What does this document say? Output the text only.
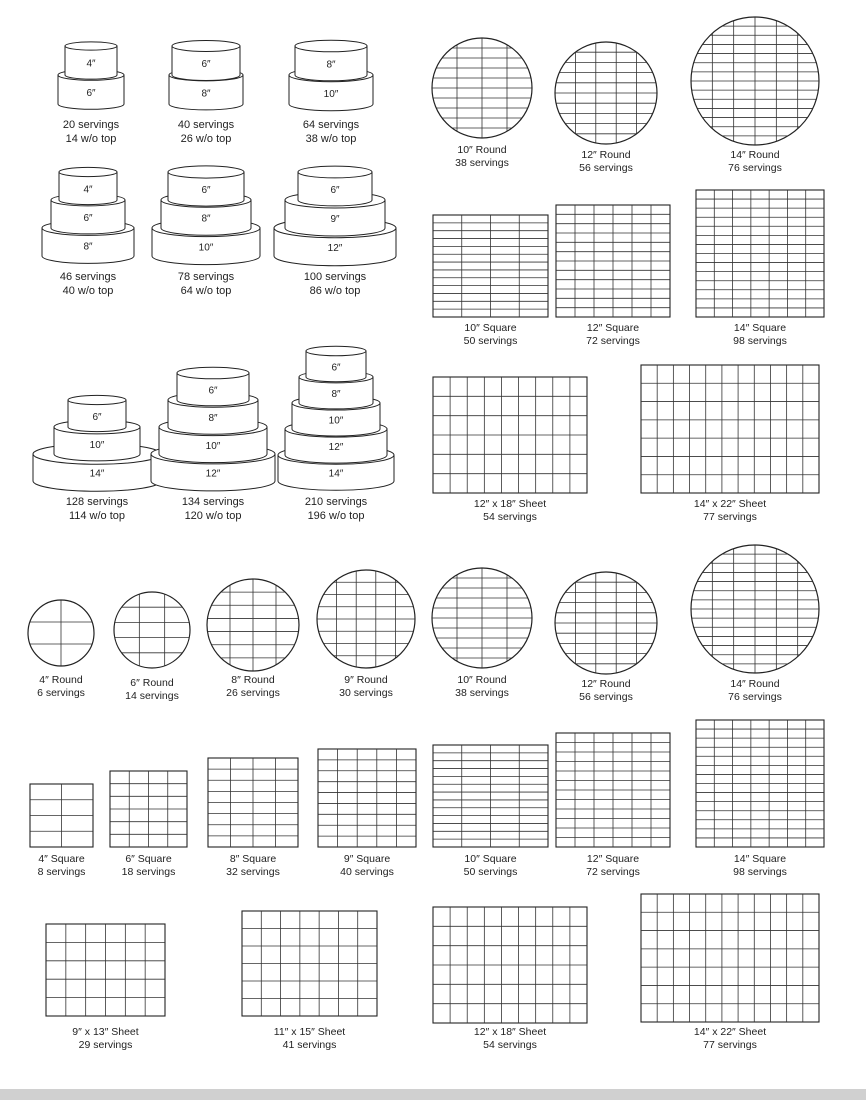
6″
4″
20 servings
14 w/o top
8″
6″
40 servings
26 w/o top
10″
8″
64 servings
38 w/o top
8″
6″
4″
46 servings
40 w/o top
10″
8″
6″
78 servings
64 w/o top
12″
9″
6″
100 servings
86 w/o top
14″
10″
6″
128 servings
114 w/o top
12″
10″
8″
6″
134 servings
120 w/o top
14″
12″
10″
8″
6″
210 servings
196 w/o top
10″ Round
38 servings
12″ Round
56 servings
14″ Round
76 servings
10″ Square
50 servings
12″ Square
72 servings
14″ Square
98 servings
12″ x 18″ Sheet
54 servings
14″ x 22″ Sheet
77 servings
4″ Round
6 servings
6″ Round
14 servings
8″ Round
26 servings
9″ Round
30 servings
10″ Round
38 servings
12″ Round
56 servings
14″ Round
76 servings
4″ Square
8 servings
6″ Square
18 servings
8″ Square
32 servings
9″ Square
40 servings
10″ Square
50 servings
12″ Square
72 servings
14″ Square
98 servings
9″ x 13″ Sheet
29 servings
11″ x 15″ Sheet
41 servings
12″ x 18″ Sheet
54 servings
14″ x 22″ Sheet
77 servings
